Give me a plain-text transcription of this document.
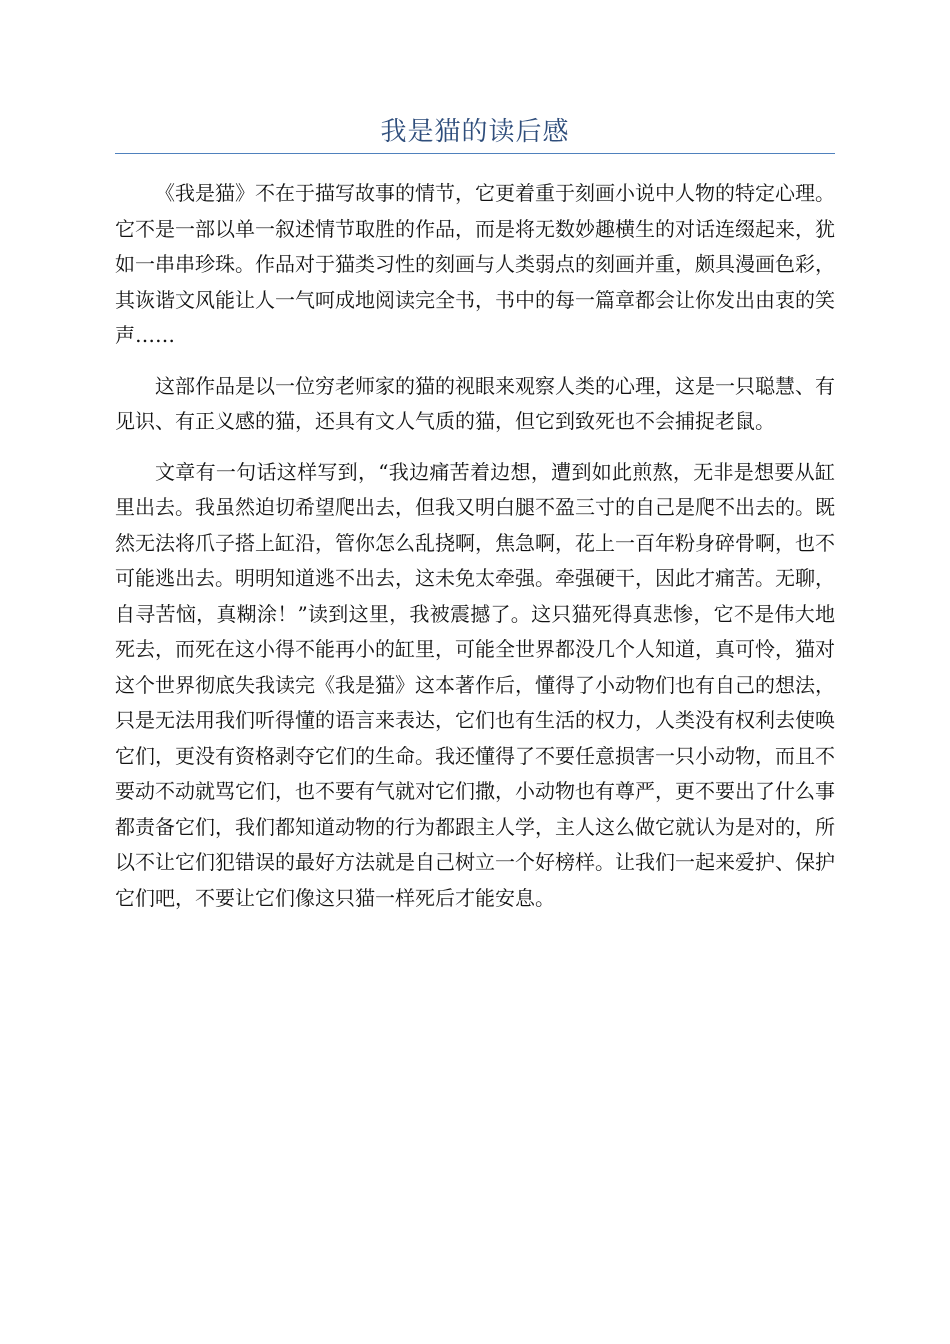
我是猫的读后感

《我是猫》不在于描写故事的情节，它更着重于刻画小说中人物的特定心理。它不是一部以单一叙述情节取胜的作品，而是将无数妙趣横生的对话连缀起来，犹如一串串珍珠。作品对于猫类习性的刻画与人类弱点的刻画并重，颇具漫画色彩，其诙谐文风能让人一气呵成地阅读完全书，书中的每一篇章都会让你发出由衷的笑声……

这部作品是以一位穷老师家的猫的视眼来观察人类的心理，这是一只聪慧、有见识、有正义感的猫，还具有文人气质的猫，但它到致死也不会捕捉老鼠。

文章有一句话这样写到，“我边痛苦着边想，遭到如此煎熬，无非是想要从缸里出去。我虽然迫切希望爬出去，但我又明白腿不盈三寸的自己是爬不出去的。既然无法将爪子搭上缸沿，管你怎么乱挠啊，焦急啊，花上一百年粉身碎骨啊，也不可能逃出去。明明知道逃不出去，这未免太牵强。牵强硬干，因此才痛苦。无聊，自寻苦恼，真糊涂！”读到这里，我被震撼了。这只猫死得真悲惨，它不是伟大地死去，而死在这小得不能再小的缸里，可能全世界都没几个人知道，真可怜，猫对这个世界彻底失我读完《我是猫》这本著作后，懂得了小动物们也有自己的想法，只是无法用我们听得懂的语言来表达，它们也有生活的权力，人类没有权利去使唤它们，更没有资格剥夺它们的生命。我还懂得了不要任意损害一只小动物，而且不要动不动就骂它们，也不要有气就对它们撒，小动物也有尊严，更不要出了什么事都责备它们，我们都知道动物的行为都跟主人学，主人这么做它就认为是对的，所以不让它们犯错误的最好方法就是自己树立一个好榜样。让我们一起来爱护、保护它们吧，不要让它们像这只猫一样死后才能安息。
